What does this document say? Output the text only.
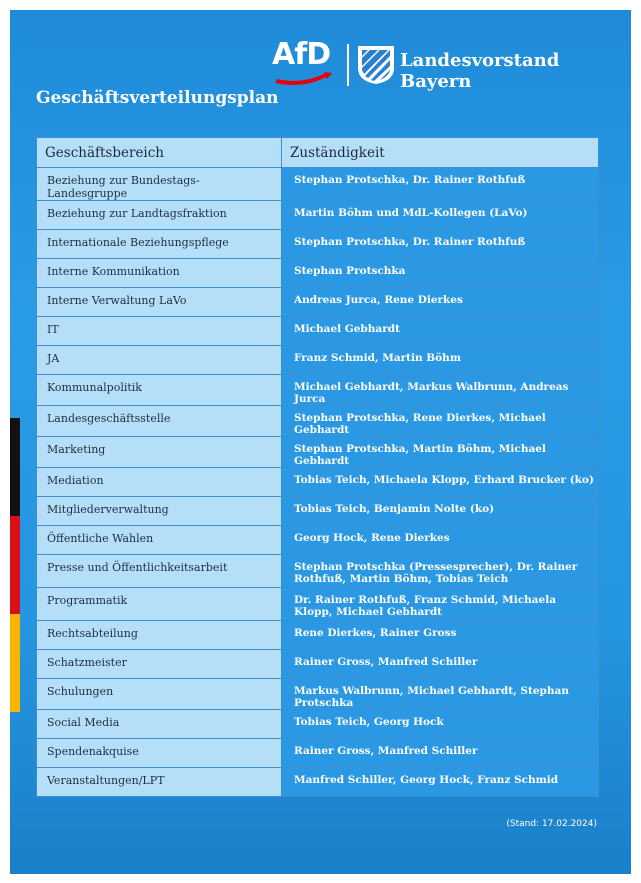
AfD	Landesvorstand Bayern
Geschäftsverteilungsplan
Geschäftsbereich	Zuständigkeit
Beziehung zur Bundestags-Landesgruppe	Stephan Protschka, Dr. Rainer Rothfuß
Beziehung zur Landtagsfraktion	Martin Böhm und MdL-Kollegen (LaVo)
Internationale Beziehungspflege	Stephan Protschka, Dr. Rainer Rothfuß
Interne Kommunikation	Stephan Protschka
Interne Verwaltung LaVo	Andreas Jurca, Rene Dierkes
IT	Michael Gebhardt
JA	Franz Schmid, Martin Böhm
Kommunalpolitik	Michael Gebhardt, Markus Walbrunn, Andreas Jurca
Landesgeschäftsstelle	Stephan Protschka, Rene Dierkes, Michael Gebhardt
Marketing	Stephan Protschka, Martin Böhm, Michael Gebhardt
Mediation	Tobias Teich, Michaela Klopp, Erhard Brucker (ko)
Mitgliederverwaltung	Tobias Teich, Benjamin Nolte (ko)
Öffentliche Wahlen	Georg Hock, Rene Dierkes
Presse und Öffentlichkeitsarbeit	Stephan Protschka (Pressesprecher), Dr. Rainer Rothfuß, Martin Böhm, Tobias Teich
Programmatik	Dr. Rainer Rothfuß, Franz Schmid, Michaela Klopp, Michael Gebhardt
Rechtsabteilung	Rene Dierkes, Rainer Gross
Schatzmeister	Rainer Gross, Manfred Schiller
Schulungen	Markus Walbrunn, Michael Gebhardt, Stephan Protschka
Social Media	Tobias Teich, Georg Hock
Spendenakquise	Rainer Gross, Manfred Schiller
Veranstaltungen/LPT	Manfred Schiller, Georg Hock, Franz Schmid
(Stand: 17.02.2024)
